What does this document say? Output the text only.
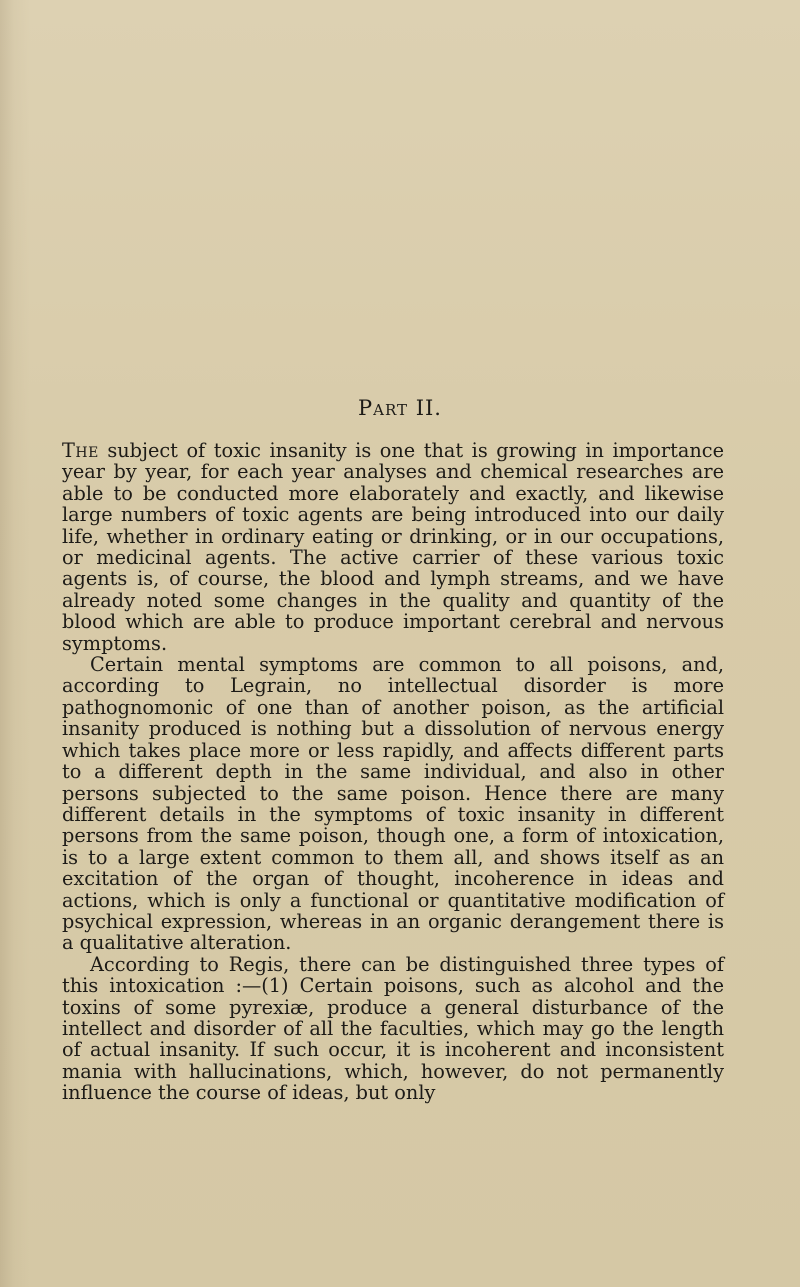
Part II.

The subject of toxic insanity is one that is growing in importance year by year, for each year analyses and chemical researches are able to be conducted more elaborately and exactly, and likewise large numbers of toxic agents are being introduced into our daily life, whether in ordinary eating or drinking, or in our occupations, or medicinal agents. The active carrier of these various toxic agents is, of course, the blood and lymph streams, and we have already noted some changes in the quality and quantity of the blood which are able to produce important cerebral and nervous symptoms.

Certain mental symptoms are common to all poisons, and, according to Legrain, no intellectual disorder is more pathognomonic of one than of another poison, as the artificial insanity produced is nothing but a dissolution of nervous energy which takes place more or less rapidly, and affects different parts to a different depth in the same individual, and also in other persons subjected to the same poison. Hence there are many different details in the symptoms of toxic insanity in different persons from the same poison, though one, a form of intoxication, is to a large extent common to them all, and shows itself as an excitation of the organ of thought, incoherence in ideas and actions, which is only a functional or quantitative modification of psychical expression, whereas in an organic derangement there is a qualitative alteration.

According to Regis, there can be distinguished three types of this intoxication :—(1) Certain poisons, such as alcohol and the toxins of some pyrexiæ, produce a general disturbance of the intellect and disorder of all the faculties, which may go the length of actual insanity. If such occur, it is incoherent and inconsistent mania with hallucinations, which, however, do not permanently influence the course of ideas, but only
